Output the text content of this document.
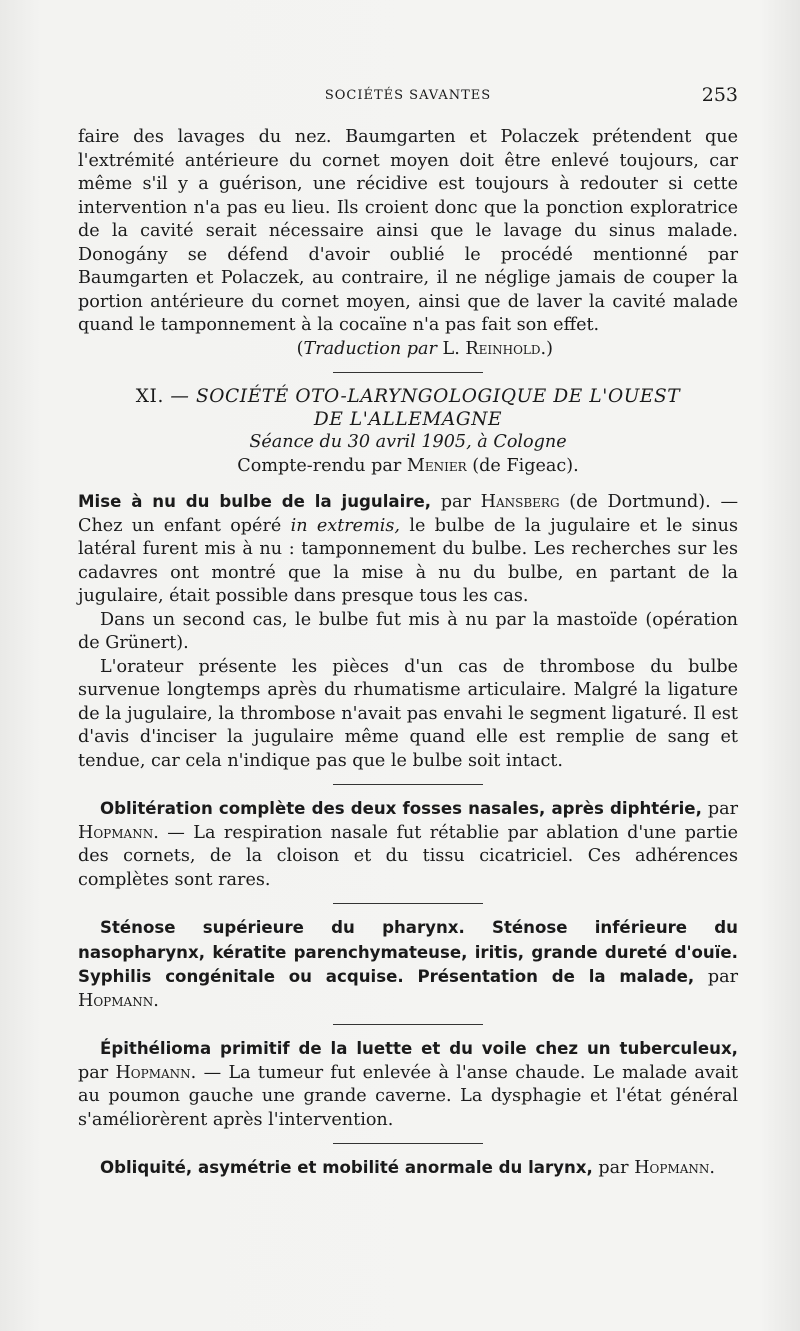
SOCIÉTÉS SAVANTES	253

faire des lavages du nez. Baumgarten et Polaczek prétendent que l'extrémité antérieure du cornet moyen doit être enlevé toujours, car même s'il y a guérison, une récidive est toujours à redouter si cette intervention n'a pas eu lieu. Ils croient donc que la ponction exploratrice de la cavité serait nécessaire ainsi que le lavage du sinus malade. Donogány se défend d'avoir oublié le procédé mentionné par Baumgarten et Polaczek, au contraire, il ne néglige jamais de couper la portion antérieure du cornet moyen, ainsi que de laver la cavité malade quand le tamponnement à la cocaïne n'a pas fait son effet.

(Traduction par L. Reinhold.)

XI. — SOCIÉTÉ OTO-LARYNGOLOGIQUE DE L'OUEST
DE L'ALLEMAGNE
Séance du 30 avril 1905, à Cologne
Compte-rendu par Menier (de Figeac).

Mise à nu du bulbe de la jugulaire, par Hansberg (de Dortmund). — Chez un enfant opéré in extremis, le bulbe de la jugulaire et le sinus latéral furent mis à nu : tamponnement du bulbe. Les recherches sur les cadavres ont montré que la mise à nu du bulbe, en partant de la jugulaire, était possible dans presque tous les cas.

Dans un second cas, le bulbe fut mis à nu par la mastoïde (opération de Grünert).

L'orateur présente les pièces d'un cas de thrombose du bulbe survenue longtemps après du rhumatisme articulaire. Malgré la ligature de la jugulaire, la thrombose n'avait pas envahi le segment ligaturé. Il est d'avis d'inciser la jugulaire même quand elle est remplie de sang et tendue, car cela n'indique pas que le bulbe soit intact.

Oblitération complète des deux fosses nasales, après diphtérie, par Hopmann. — La respiration nasale fut rétablie par ablation d'une partie des cornets, de la cloison et du tissu cicatriciel. Ces adhérences complètes sont rares.

Sténose supérieure du pharynx. Sténose inférieure du nasopharynx, kératite parenchymateuse, iritis, grande dureté d'ouïe. Syphilis congénitale ou acquise. Présentation de la malade, par Hopmann.

Épithélioma primitif de la luette et du voile chez un tuberculeux, par Hopmann. — La tumeur fut enlevée à l'anse chaude. Le malade avait au poumon gauche une grande caverne. La dysphagie et l'état général s'améliorèrent après l'intervention.

Obliquité, asymétrie et mobilité anormale du larynx, par Hopmann.
